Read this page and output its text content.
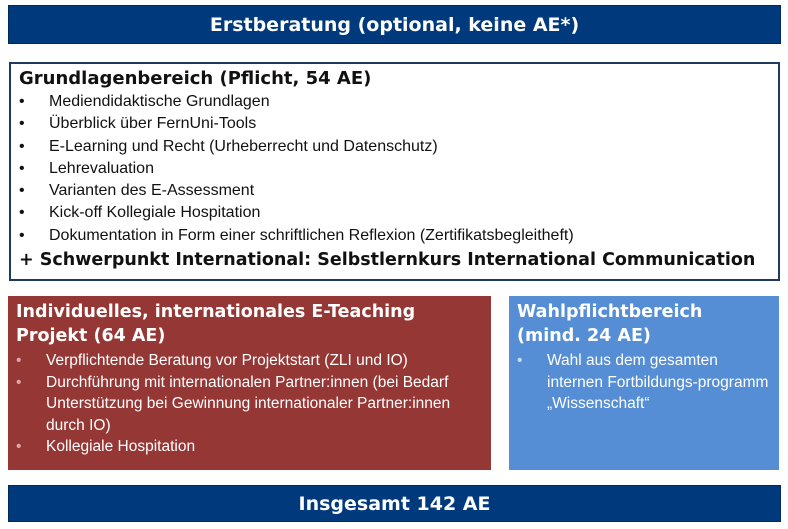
Erstberatung (optional, keine AE*)
Grundlagenbereich (Pflicht, 54 AE)
•	Mediendidaktische Grundlagen
•	Überblick über FernUni-Tools
•	E-Learning und Recht (Urheberrecht und Datenschutz)
•	Lehrevaluation
•	Varianten des E-Assessment
•	Kick-off Kollegiale Hospitation
•	Dokumentation in Form einer schriftlichen Reflexion (Zertifikatsbegleitheft)
+ Schwerpunkt International: Selbstlernkurs International Communication
Individuelles, internationales E-Teaching Projekt (64 AE)
•	Verpflichtende Beratung vor Projektstart (ZLI und IO)
•	Durchführung mit internationalen Partner:innen (bei Bedarf Unterstützung bei Gewinnung internationaler Partner:innen durch IO)
•	Kollegiale Hospitation
Wahlpflichtbereich (mind. 24 AE)
•	Wahl aus dem gesamten internen Fortbildungs-programm „Wissenschaft“
Insgesamt 142 AE
